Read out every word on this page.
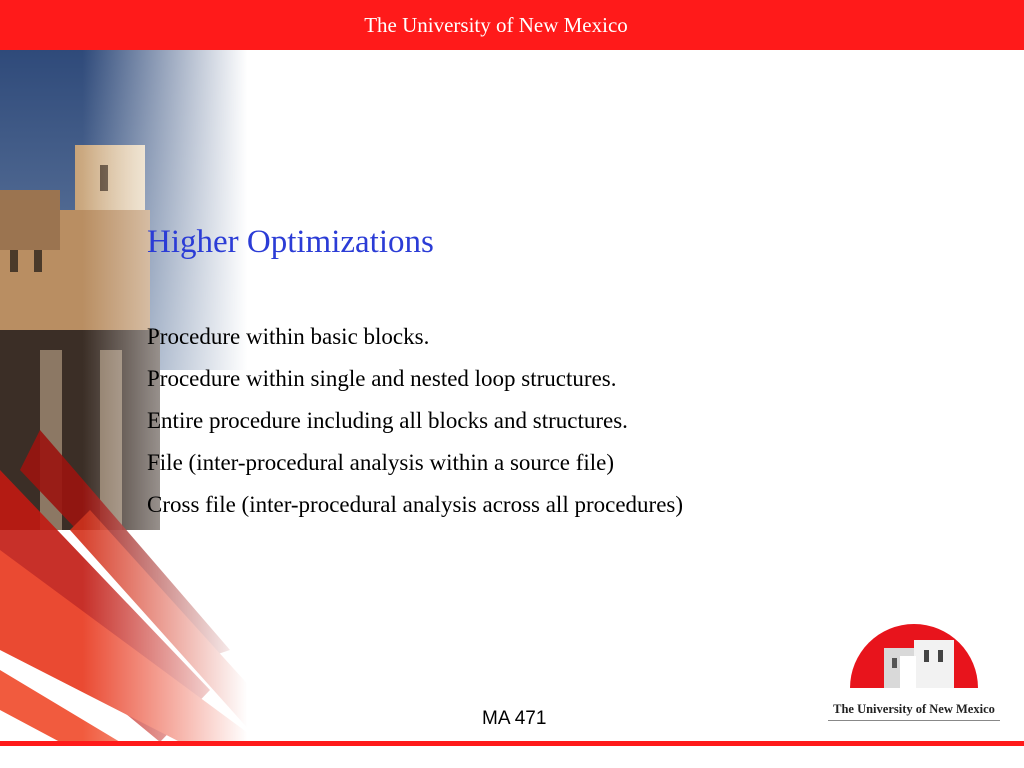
The University of New Mexico
Higher Optimizations
Procedure within basic blocks.
Procedure within single and nested loop structures.
Entire procedure including all blocks and structures.
File (inter-procedural analysis within a source file)
Cross file (inter-procedural analysis across all procedures)
The University of New Mexico
MA 471
